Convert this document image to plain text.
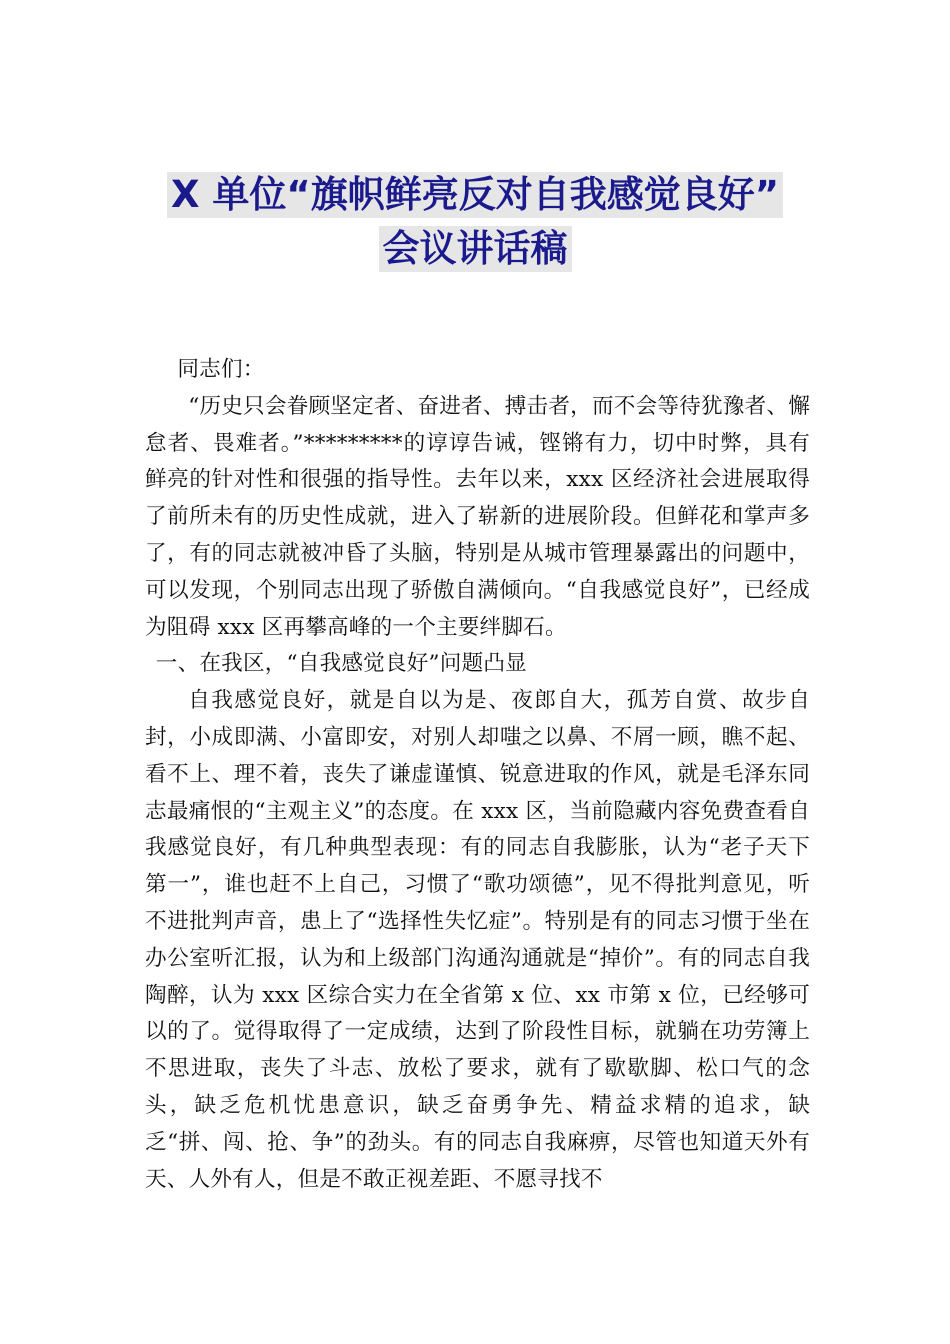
X 单位“旗帜鲜亮反对自我感觉良好”
会议讲话稿

同志们：

“历史只会眷顾坚定者、奋进者、搏击者，而不会等待犹豫者、懈怠者、畏难者。”*********的谆谆告诫，铿锵有力，切中时弊，具有鲜亮的针对性和很强的指导性。去年以来，xxx 区经济社会进展取得了前所未有的历史性成就，进入了崭新的进展阶段。但鲜花和掌声多了，有的同志就被冲昏了头脑，特别是从城市管理暴露出的问题中，可以发现，个别同志出现了骄傲自满倾向。“自我感觉良好”，已经成为阻碍 xxx 区再攀高峰的一个主要绊脚石。

一、在我区，“自我感觉良好”问题凸显

自我感觉良好，就是自以为是、夜郎自大，孤芳自赏、故步自封，小成即满、小富即安，对别人却嗤之以鼻、不屑一顾，瞧不起、看不上、理不着，丧失了谦虚谨慎、锐意进取的作风，就是毛泽东同志最痛恨的“主观主义”的态度。在 xxx 区，当前隐藏内容免费查看自我感觉良好，有几种典型表现：有的同志自我膨胀，认为“老子天下第一”，谁也赶不上自己，习惯了“歌功颂德”，见不得批判意见，听不进批判声音，患上了“选择性失忆症”。特别是有的同志习惯于坐在办公室听汇报，认为和上级部门沟通沟通就是“掉价”。有的同志自我陶醉，认为 xxx 区综合实力在全省第 x 位、xx 市第 x 位，已经够可以的了。觉得取得了一定成绩，达到了阶段性目标，就躺在功劳簿上不思进取，丧失了斗志、放松了要求，就有了歇歇脚、松口气的念头，缺乏危机忧患意识，缺乏奋勇争先、精益求精的追求，缺乏“拼、闯、抢、争”的劲头。有的同志自我麻痹，尽管也知道天外有天、人外有人，但是不敢正视差距、不愿寻找不
